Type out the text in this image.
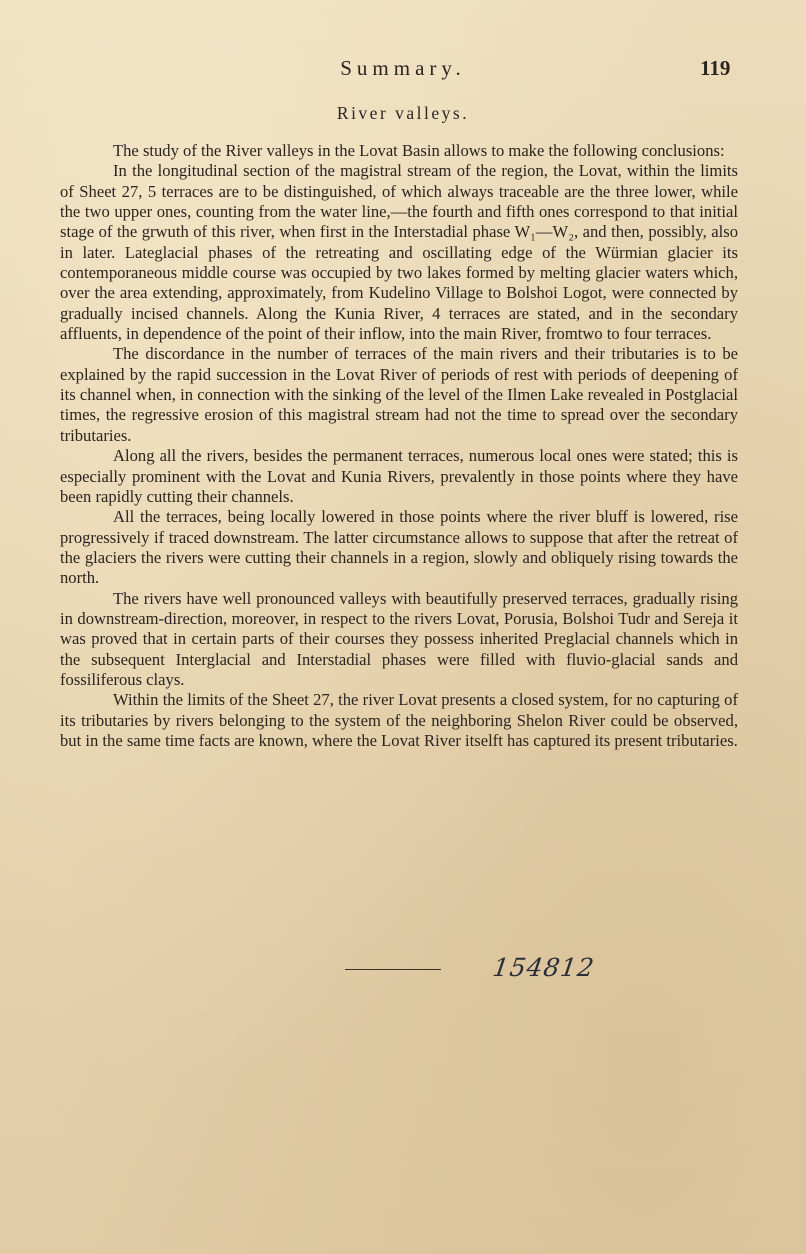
Summary.	119
River valleys.

The study of the River valleys in the Lovat Basin allows to make the following conclusions:

In the longitudinal section of the magistral stream of the region, the Lovat, within the limits of Sheet 27, 5 terraces are to be distinguished, of which always traceable are the three lower, while the two upper ones, counting from the water line,—the fourth and fifth ones correspond to that initial stage of the grwuth of this river, when first in the Interstadial phase W₁—W₂, and then, possibly, also in later. Lateglacial phases of the retreating and oscillating edge of the Würmian glacier its contemporaneous middle course was occupied by two lakes formed by melting glacier waters which, over the area extending, approximately, from Kudelino Village to Bolshoi Logot, were connected by gradually incised channels. Along the Kunia River, 4 terraces are stated, and in the secondary affluents, in dependence of the point of their inflow, into the main River, fromtwo to four terraces.

The discordance in the number of terraces of the main rivers and their tributaries is to be explained by the rapid succession in the Lovat River of periods of rest with periods of deepening of its channel when, in connection with the sinking of the level of the Ilmen Lake revealed in Postglacial times, the regressive erosion of this magistral stream had not the time to spread over the secondary tributaries.

Along all the rivers, besides the permanent terraces, numerous local ones were stated; this is especially prominent with the Lovat and Kunia Rivers, prevalently in those points where they have been rapidly cutting their channels.

All the terraces, being locally lowered in those points where the river bluff is lowered, rise progressively if traced downstream. The latter circumstance allows to suppose that after the retreat of the glaciers the rivers were cutting their channels in a region, slowly and obliquely rising towards the north.

The rivers have well pronounced valleys with beautifully preserved terraces, gradually rising in downstream-direction, moreover, in respect to the rivers Lovat, Porusia, Bolshoi Tudr and Sereja it was proved that in certain parts of their courses they possess inherited Preglacial channels which in the subsequent Interglacial and Interstadial phases were filled with fluvio-glacial sands and fossiliferous clays.

Within the limits of the Sheet 27, the river Lovat presents a closed system, for no capturing of its tributaries by rivers belonging to the system of the neighboring Shelon River could be observed, but in the same time facts are known, where the Lovat River itselft has captured its present tributaries.

154812
